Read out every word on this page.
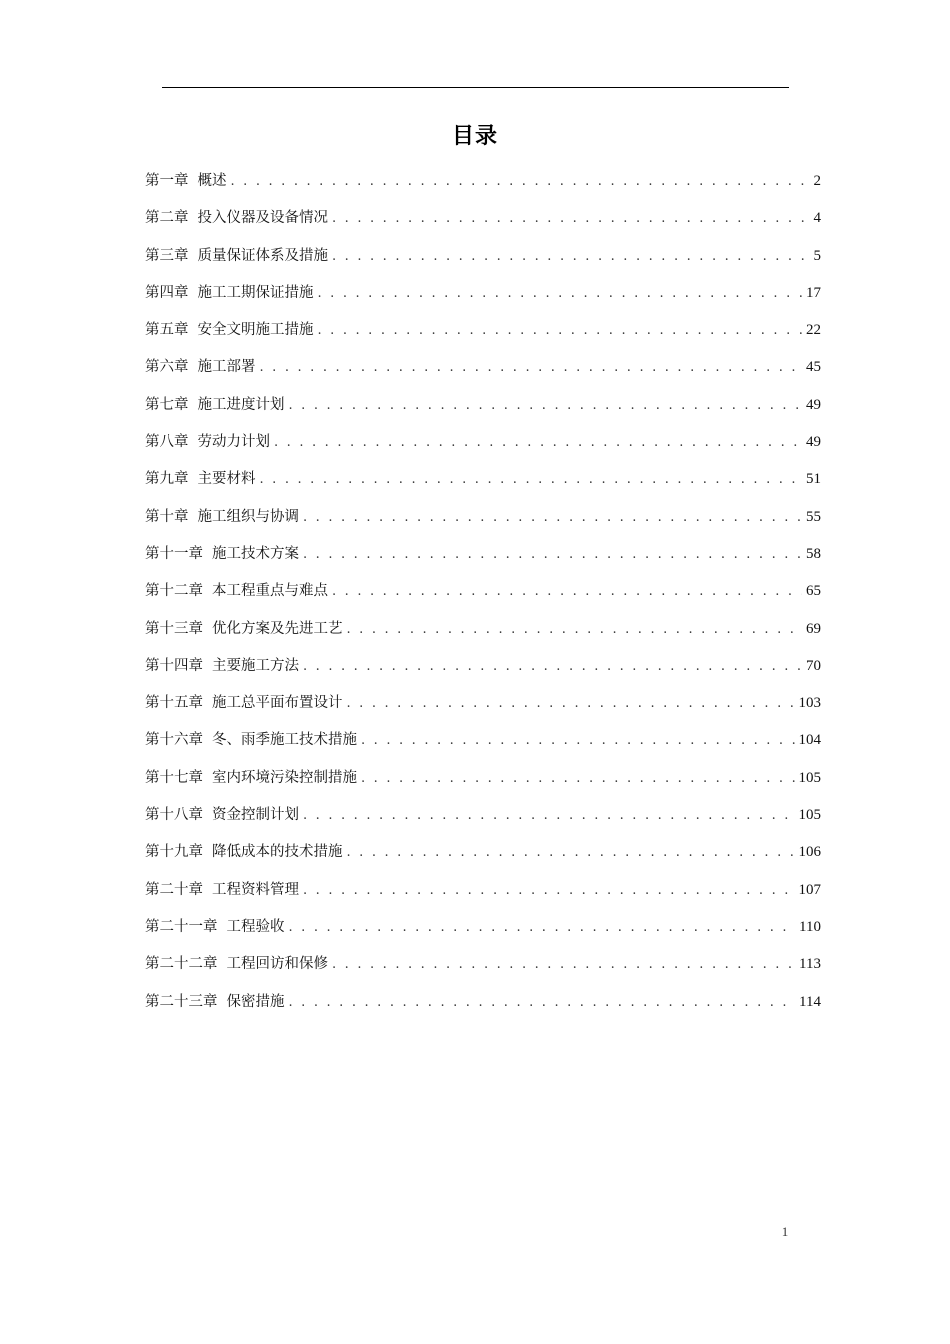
目录
第一章 概述 . . .	2
第二章 投入仪器及设备情况 . . .	4
第三章 质量保证体系及措施 . . .	5
第四章 施工工期保证措施 . . .	17
第五章 安全文明施工措施 . . .	22
第六章 施工部署 . . .	45
第七章 施工进度计划 . . .	49
第八章 劳动力计划 . . .	49
第九章 主要材料 . . .	51
第十章 施工组织与协调 . . .	55
第十一章 施工技术方案 . . .	58
第十二章 本工程重点与难点 . . .	65
第十三章 优化方案及先进工艺 . . .	69
第十四章 主要施工方法 . . .	70
第十五章 施工总平面布置设计 . . .	103
第十六章 冬、雨季施工技术措施 . . .	104
第十七章 室内环境污染控制措施 . . .	105
第十八章 资金控制计划 . . .	105
第十九章 降低成本的技术措施 . . .	106
第二十章 工程资料管理 . . .	107
第二十一章 工程验收 . . .	110
第二十二章 工程回访和保修 . . .	113
第二十三章 保密措施 . . .	114
1
